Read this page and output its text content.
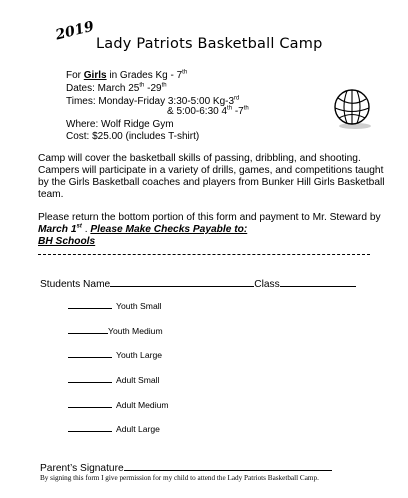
2019
Lady Patriots Basketball Camp
For Girls in Grades Kg - 7th
Dates: March 25th -29th
Times: Monday-Friday 3:30-5:00 Kg-3rd
& 5:00-6:30 4th -7th
Where: Wolf Ridge Gym
Cost: $25.00 (includes T-shirt)
Camp will cover the basketball skills of passing, dribbling, and shooting. Campers will participate in a variety of drills, games, and competitions taught by the Girls Basketball coaches and players from Bunker Hill Girls Basketball team.
Please return the bottom portion of this form and payment to Mr. Steward by March 1st . Please Make Checks Payable to:
BH Schools
Students Name	Class
Youth Small
Youth Medium
Youth Large
Adult Small
Adult Medium
Adult Large
Parent’s Signature
By signing this form I give permission for my child to attend the Lady Patriots Basketball Camp.
